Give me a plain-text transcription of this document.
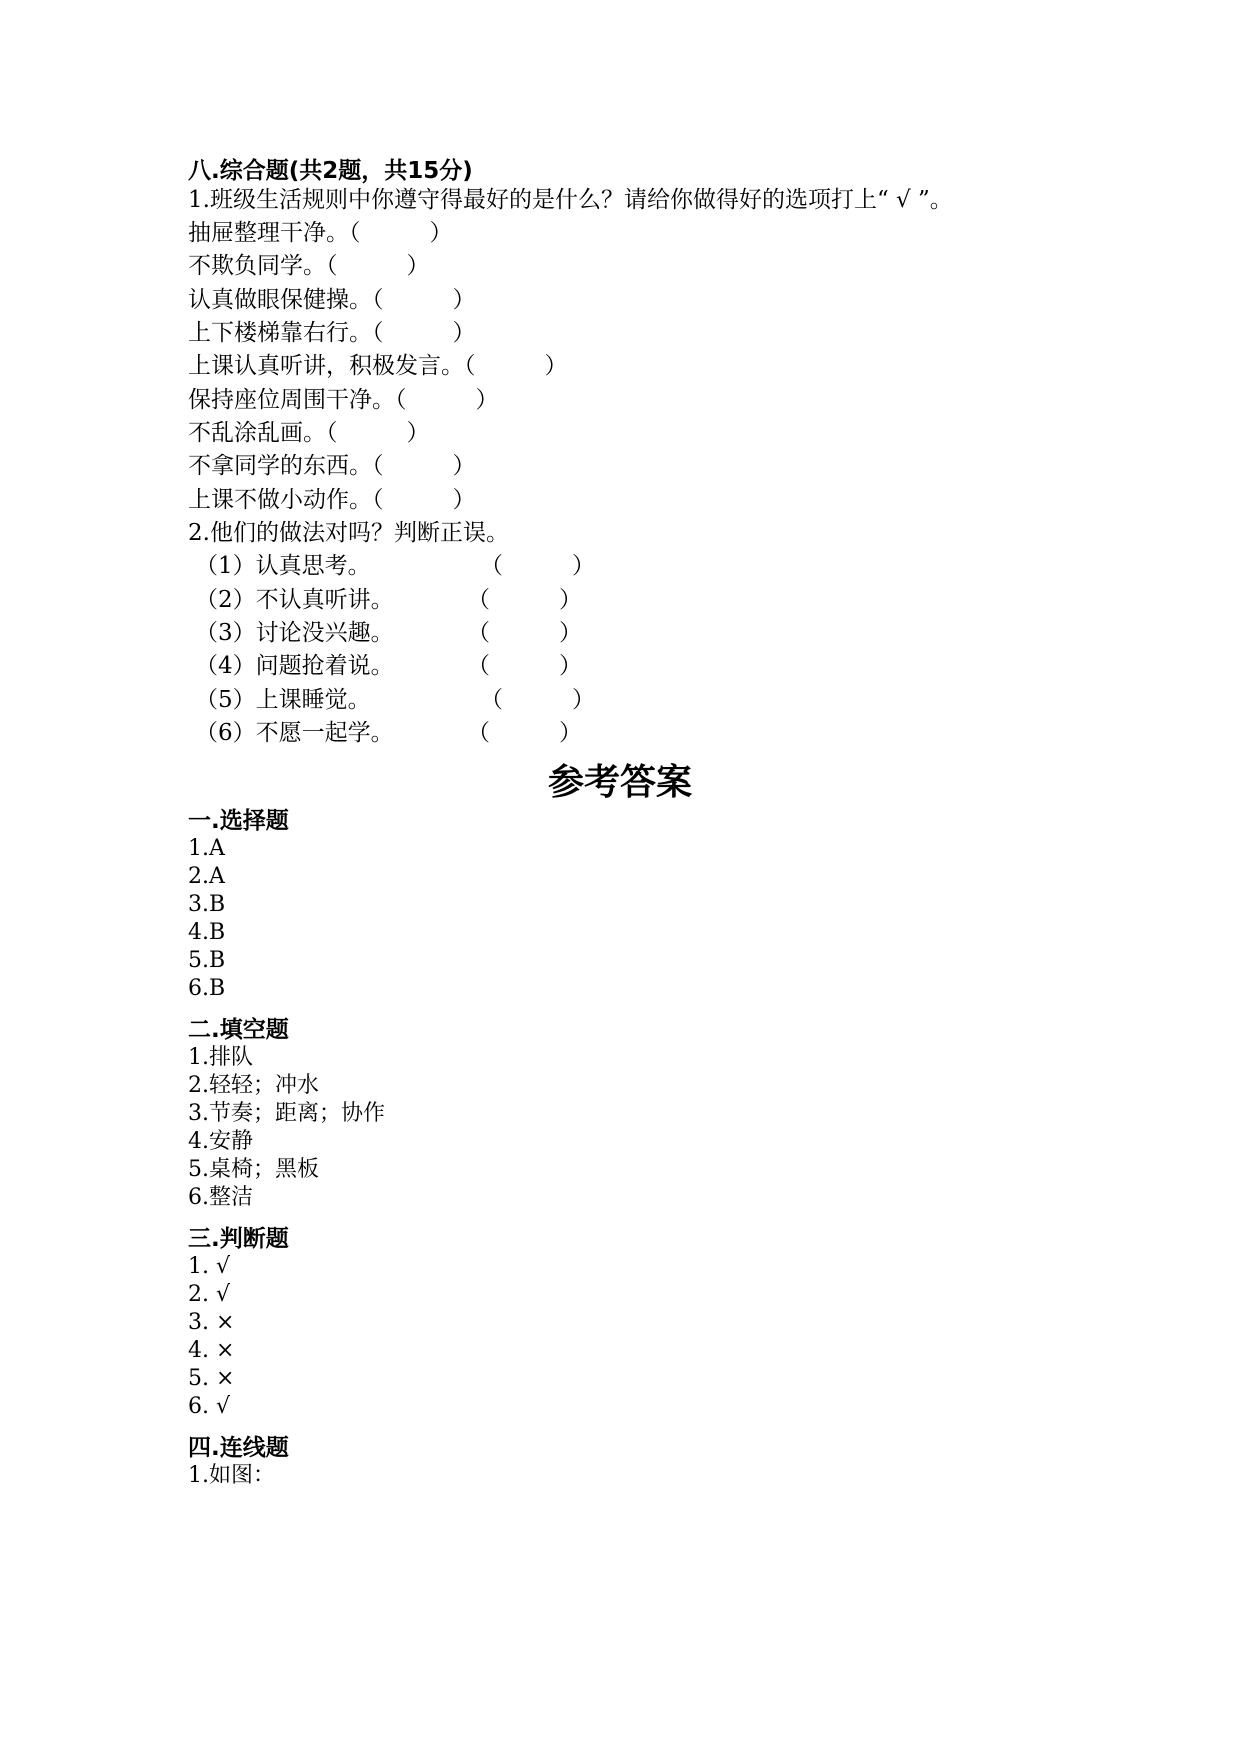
八.综合题(共2题，共15分)
1.班级生活规则中你遵守得最好的是什么？请给你做得好的选项打上“ √ ”。
抽屉整理干净。（　　　）
不欺负同学。（　　　）
认真做眼保健操。（　　　）
上下楼梯靠右行。（　　　）
上课认真听讲，积极发言。（　　　）
保持座位周围干净。（　　　）
不乱涂乱画。（　　　）
不拿同学的东西。（　　　）
上课不做小动作。（　　　）
2.他们的做法对吗？判断正误。
（1）认真思考。	（　　　）
（2）不认真听讲。	（　　　）
（3）讨论没兴趣。	（　　　）
（4）问题抢着说。	（　　　）
（5）上课睡觉。	（　　　）
（6）不愿一起学。	（　　　）
参考答案
一.选择题
1.A
2.A
3.B
4.B
5.B
6.B
二.填空题
1.排队
2.轻轻；冲水
3.节奏；距离；协作
4.安静
5.桌椅；黑板
6.整洁
三.判断题
1. √
2. √
3. ×
4. ×
5. ×
6. √
四.连线题
1.如图：
